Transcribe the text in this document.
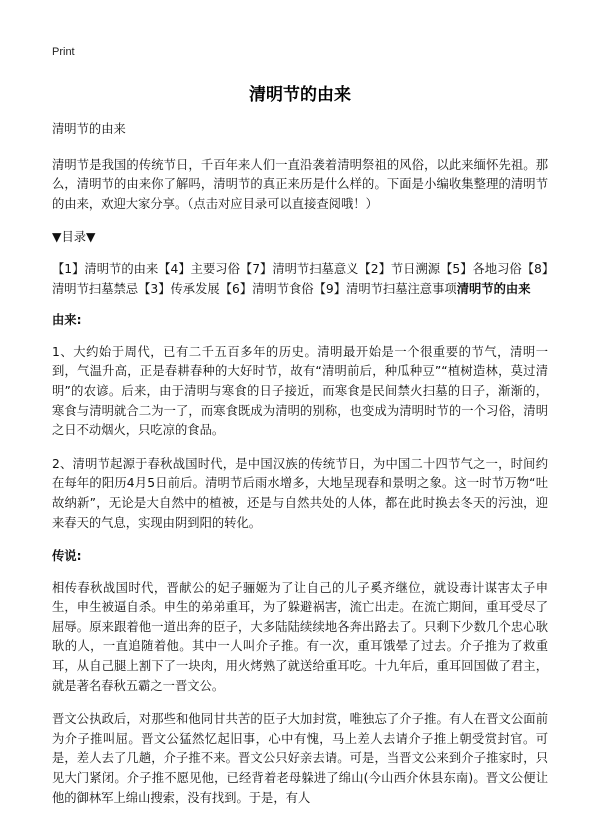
Print
清明节的由来

清明节的由来

清明节是我国的传统节日，千百年来人们一直沿袭着清明祭祖的风俗，以此来缅怀先祖。那么，清明节的由来你了解吗，清明节的真正来历是什么样的。下面是小编收集整理的清明节的由来，欢迎大家分享。（点击对应目录可以直接查阅哦！）

▼目录▼

【1】清明节的由来【4】主要习俗【7】清明节扫墓意义【2】节日溯源【5】各地习俗【8】清明节扫墓禁忌【3】传承发展【6】清明节食俗【9】清明节扫墓注意事项清明节的由来

由来:

1、大约始于周代，已有二千五百多年的历史。清明最开始是一个很重要的节气，清明一到，气温升高，正是春耕春种的大好时节，故有“清明前后，种瓜种豆”“植树造林，莫过清明”的农谚。后来，由于清明与寒食的日子接近，而寒食是民间禁火扫墓的日子，渐渐的，寒食与清明就合二为一了，而寒食既成为清明的别称，也变成为清明时节的一个习俗，清明之日不动烟火，只吃凉的食品。

2、清明节起源于春秋战国时代，是中国汉族的传统节日，为中国二十四节气之一，时间约在每年的阳历4月5日前后。清明节后雨水增多，大地呈现春和景明之象。这一时节万物“吐故纳新”，无论是大自然中的植被，还是与自然共处的人体，都在此时换去冬天的污浊，迎来春天的气息，实现由阴到阳的转化。

传说:

相传春秋战国时代，晋献公的妃子骊姬为了让自己的儿子奚齐继位，就设毒计谋害太子申生，申生被逼自杀。申生的弟弟重耳，为了躲避祸害，流亡出走。在流亡期间，重耳受尽了屈辱。原来跟着他一道出奔的臣子，大多陆陆续续地各奔出路去了。只剩下少数几个忠心耿耿的人，一直追随着他。其中一人叫介子推。有一次，重耳饿晕了过去。介子推为了救重耳，从自己腿上割下了一块肉，用火烤熟了就送给重耳吃。十九年后，重耳回国做了君主，就是著名春秋五霸之一晋文公。

晋文公执政后，对那些和他同甘共苦的臣子大加封赏，唯独忘了介子推。有人在晋文公面前为介子推叫屈。晋文公猛然忆起旧事，心中有愧，马上差人去请介子推上朝受赏封官。可是，差人去了几趟，介子推不来。晋文公只好亲去请。可是，当晋文公来到介子推家时，只见大门紧闭。介子推不愿见他，已经背着老母躲进了绵山(今山西介休县东南)。晋文公便让他的御林军上绵山搜索，没有找到。于是，有人
